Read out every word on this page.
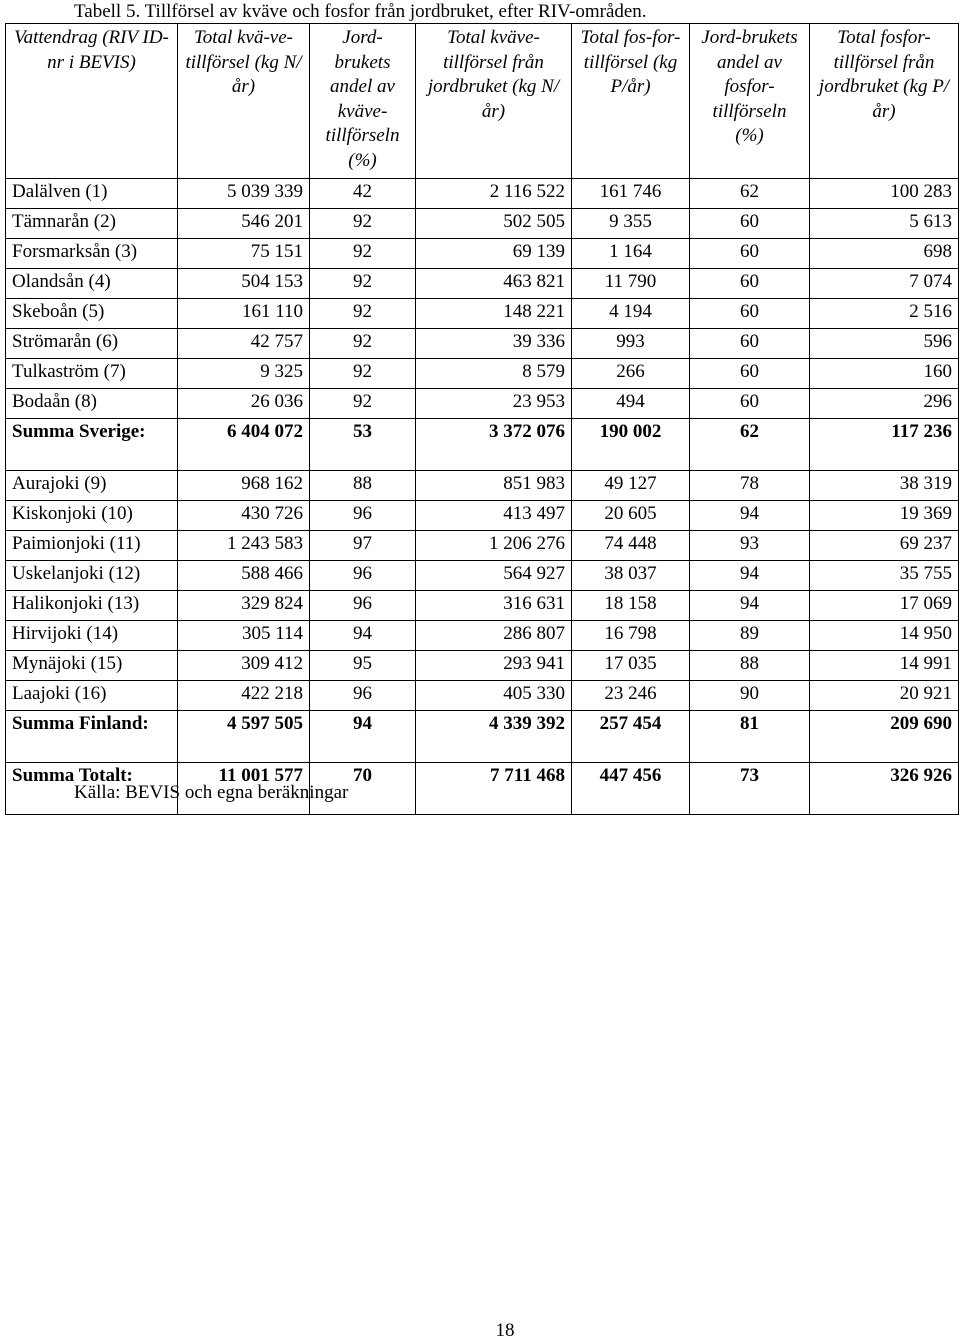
Tabell 5. Tillförsel av kväve och fosfor från jordbruket, efter RIV-områden.
Vattendrag (RIV ID-nr i BEVIS)	Total kvä-ve-tillförsel (kg N/år)	Jord-brukets andel av kväve-tillförseln (%)	Total kväve-tillförsel från jordbruket (kg N/år)	Total fos-for-tillförsel (kg P/år)	Jord-brukets andel av fosfor-tillförseln (%)	Total fosfor-tillförsel från jordbruket (kg P/år)
Dalälven (1)	5 039 339	42	2 116 522	161 746	62	100 283
Tämnarån (2)	546 201	92	502 505	9 355	60	5 613
Forsmarksån (3)	75 151	92	69 139	1 164	60	698
Olandsån (4)	504 153	92	463 821	11 790	60	7 074
Skeboån (5)	161 110	92	148 221	4 194	60	2 516
Strömarån (6)	42 757	92	39 336	993	60	596
Tulkaström (7)	9 325	92	8 579	266	60	160
Bodaån (8)	26 036	92	23 953	494	60	296
Summa Sverige:	6 404 072	53	3 372 076	190 002	62	117 236
Aurajoki (9)	968 162	88	851 983	49 127	78	38 319
Kiskonjoki (10)	430 726	96	413 497	20 605	94	19 369
Paimionjoki (11)	1 243 583	97	1 206 276	74 448	93	69 237
Uskelanjoki (12)	588 466	96	564 927	38 037	94	35 755
Halikonjoki (13)	329 824	96	316 631	18 158	94	17 069
Hirvijoki (14)	305 114	94	286 807	16 798	89	14 950
Mynäjoki (15)	309 412	95	293 941	17 035	88	14 991
Laajoki (16)	422 218	96	405 330	23 246	90	20 921
Summa Finland:	4 597 505	94	4 339 392	257 454	81	209 690
Summa Totalt:	11 001 577	70	7 711 468	447 456	73	326 926
Källa: BEVIS och egna beräkningar
18
